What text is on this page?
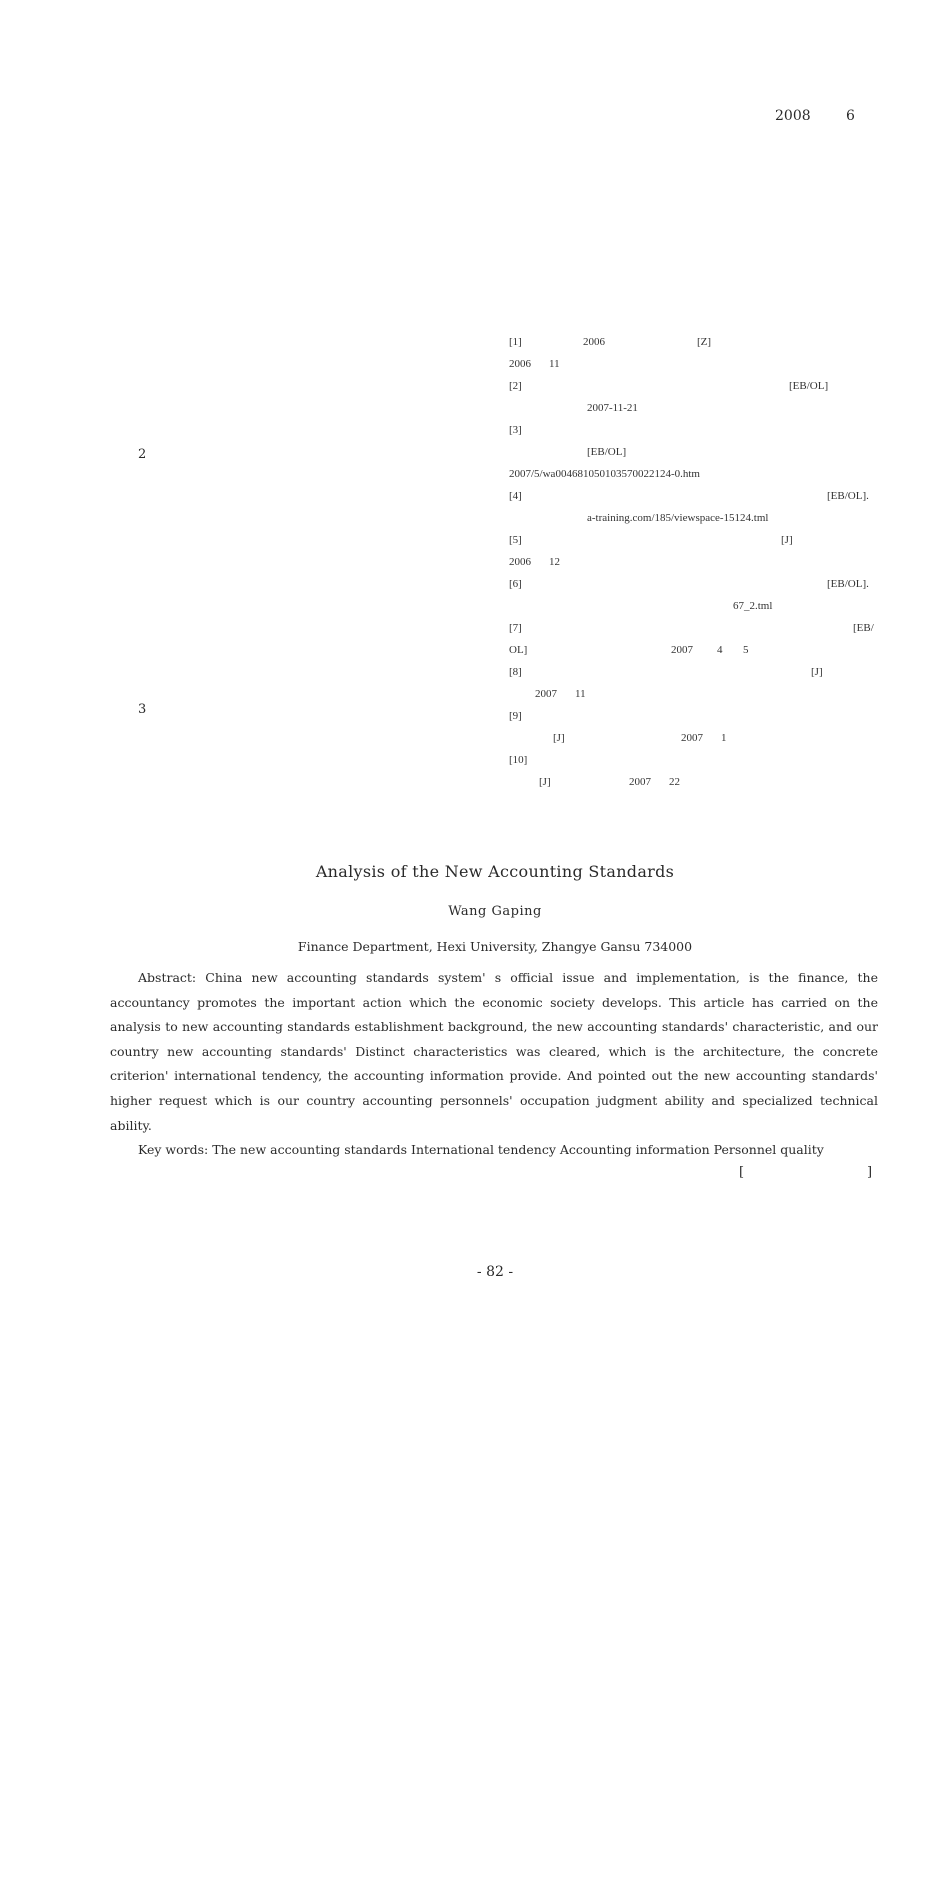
2008	6
2
3
[1]	2006	[Z]
2006 11
[2]	[EB/OL]
2007-11-21
[3]
[EB/OL]
2007/5/wa004681050103570022124-0.htm
[4]	[EB/OL].
a-training.com/185/viewspace-15124.tml
[5]	[J]
2006 12
[6]	[EB/OL].
67_2.tml
[7]	[EB/
OL]	2007 4 5
[8]	[J]
2007 11
[9]
[J]	2007 1
[10]
[J]	2007 22
Analysis of the New Accounting Standards
Wang Gaping
Finance Department, Hexi University, Zhangye Gansu 734000

Abstract: China new accounting standards system' s official issue and implementation, is the finance, the accountancy promotes the important action which the economic society develops. This article has carried on the analysis to new accounting standards establishment background, the new accounting standards' characteristic, and our country new accounting standards' Distinct characteristics was cleared, which is the architecture, the concrete criterion' international tendency, the accounting information provide. And pointed out the new accounting standards' higher request which is our country accounting personnels' occupation judgment ability and specialized technical ability.

Key words: The new accounting standards International tendency Accounting information Personnel quality

[	]
- 82 -
